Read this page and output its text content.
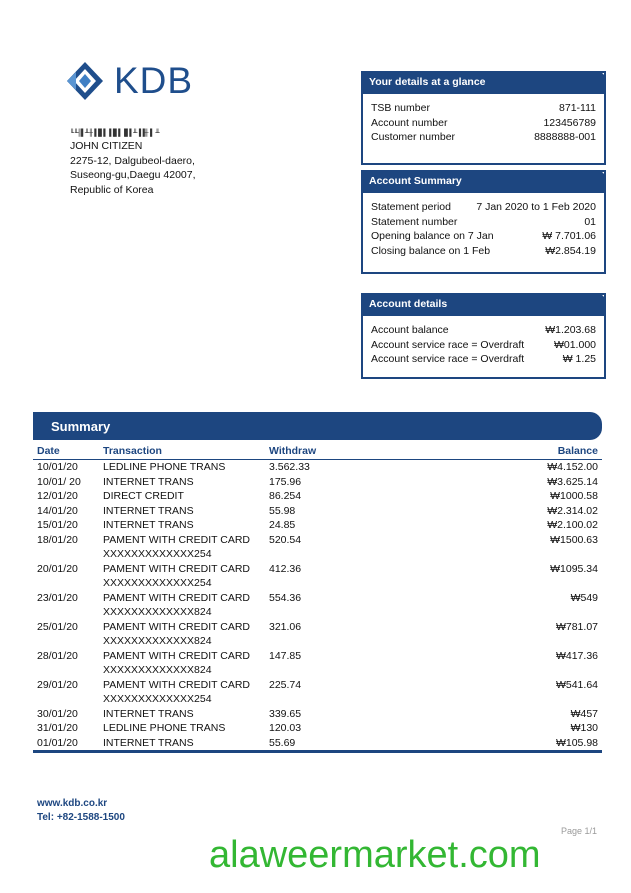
KDB
╙╙╢▌╨╫▐▐▌▌▐▐▌▌▐▌▌╨▐▐╫▐ ╨
JOHN CITIZEN
2275-12, Dalgubeol-daero,
Suseong-gu,Daegu 42007,
Republic of Korea
Your details at a glance
TSB number	871-111
Account number	123456789
Customer number	8888888-001
Account Summary
Statement period 7 Jan 2020 to 1 Feb 2020
Statement number	01
Opening balance on 7 Jan	₩ 7.701.06
Closing balance on 1 Feb	₩2.854.19
Account details
Account balance	₩1.203.68
Account service race = Overdraft	₩01.000
Account service race = Overdraft	₩ 1.25
Summary
Date	Transaction	Withdraw	Balance
10/01/20	LEDLINE PHONE TRANS	3.562.33	₩4.152.00
10/01/ 20	INTERNET TRANS	175.96	₩3.625.14
12/01/20	DIRECT CREDIT	86.254	₩1000.58
14/01/20	INTERNET TRANS	55.98	₩2.314.02
15/01/20	INTERNET TRANS	24.85	₩2.100.02
18/01/20	PAMENT WITH CREDIT CARD
XXXXXXXXXXXXX254	520.54	₩1500.63
20/01/20	PAMENT WITH CREDIT CARD
XXXXXXXXXXXXX254	412.36	₩1095.34
23/01/20	PAMENT WITH CREDIT CARD
XXXXXXXXXXXXX824	554.36	₩549
25/01/20	PAMENT WITH CREDIT CARD
XXXXXXXXXXXXX824	321.06	₩781.07
28/01/20	PAMENT WITH CREDIT CARD
XXXXXXXXXXXXX824	147.85	₩417.36
29/01/20	PAMENT WITH CREDIT CARD
XXXXXXXXXXXXX254	225.74	₩541.64
30/01/20	INTERNET TRANS	339.65	₩457
31/01/20	LEDLINE PHONE TRANS	120.03	₩130
01/01/20	INTERNET TRANS	55.69	₩105.98
www.kdb.co.kr
Tel: +82-1588-1500
Page 1/1
alaweermarket.com
